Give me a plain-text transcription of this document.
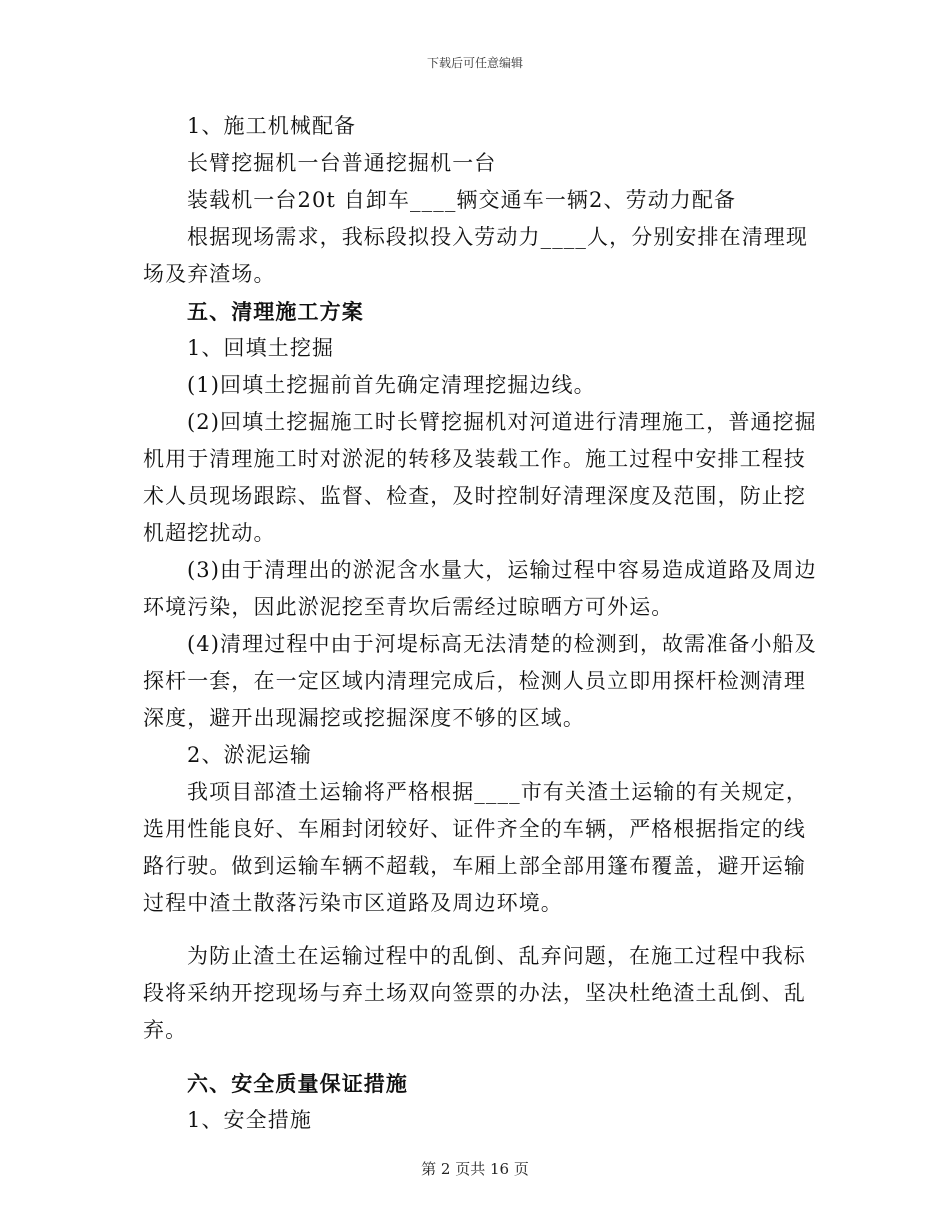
下载后可任意编辑
1、施工机械配备
长臂挖掘机一台普通挖掘机一台
装载机一台20t 自卸车____辆交通车一辆2、劳动力配备
根据现场需求，我标段拟投入劳动力____人，分别安排在清理现
场及弃渣场。
五、清理施工方案
1、回填土挖掘
(1)回填土挖掘前首先确定清理挖掘边线。
(2)回填土挖掘施工时长臂挖掘机对河道进行清理施工，普通挖掘
机用于清理施工时对淤泥的转移及装载工作。施工过程中安排工程技
术人员现场跟踪、监督、检查，及时控制好清理深度及范围，防止挖
机超挖扰动。
(3)由于清理出的淤泥含水量大，运输过程中容易造成道路及周边
环境污染，因此淤泥挖至青坎后需经过晾晒方可外运。
(4)清理过程中由于河堤标高无法清楚的检测到，故需准备小船及
探杆一套，在一定区域内清理完成后，检测人员立即用探杆检测清理
深度，避开出现漏挖或挖掘深度不够的区域。
2、淤泥运输
我项目部渣土运输将严格根据____市有关渣土运输的有关规定，
选用性能良好、车厢封闭较好、证件齐全的车辆，严格根据指定的线
路行驶。做到运输车辆不超载，车厢上部全部用篷布覆盖，避开运输
过程中渣土散落污染市区道路及周边环境。
为防止渣土在运输过程中的乱倒、乱弃问题，在施工过程中我标
段将采纳开挖现场与弃土场双向签票的办法，坚决杜绝渣土乱倒、乱
弃。
六、安全质量保证措施
1、安全措施
第 2 页共 16 页
